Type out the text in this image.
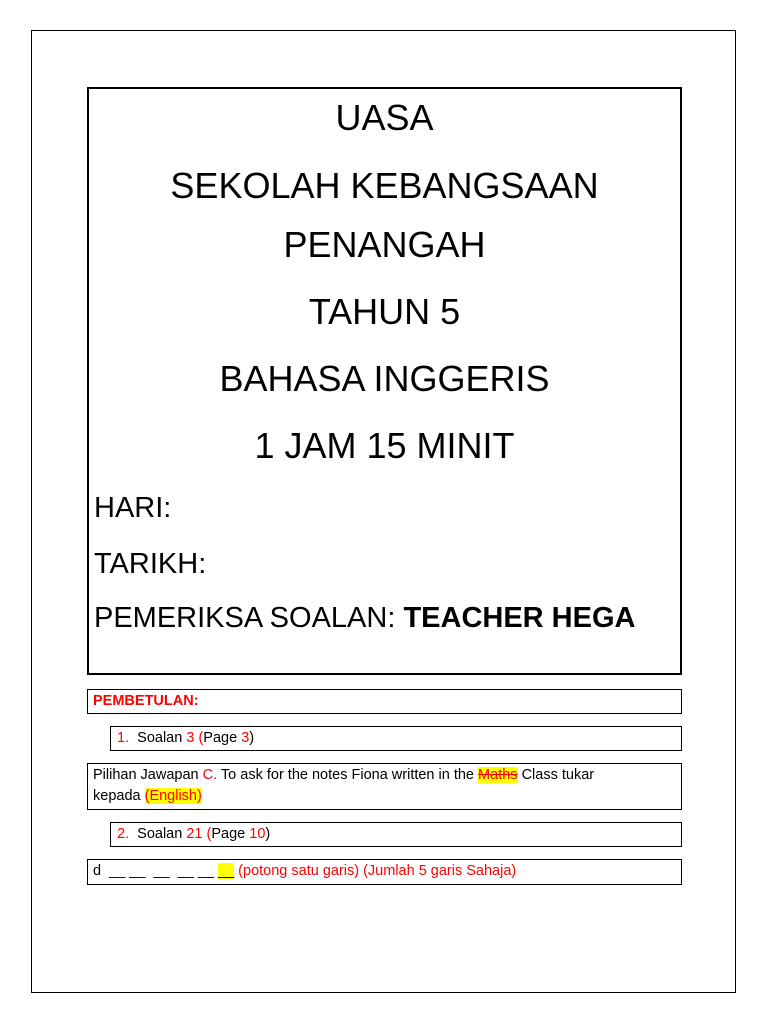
UASA
SEKOLAH KEBANGSAAN
PENANGAH
TAHUN 5
BAHASA INGGERIS
1 JAM 15 MINIT
HARI:
TARIKH:
PEMERIKSA SOALAN: TEACHER HEGA
PEMBETULAN:
1. Soalan 3 (Page 3)
Pilihan Jawapan C. To ask for the notes Fiona written in the Maths Class tukar
kepada (English)
2. Soalan 21 (Page 10)
d __ __  __  __ __ __ (potong satu garis) (Jumlah 5 garis Sahaja)
